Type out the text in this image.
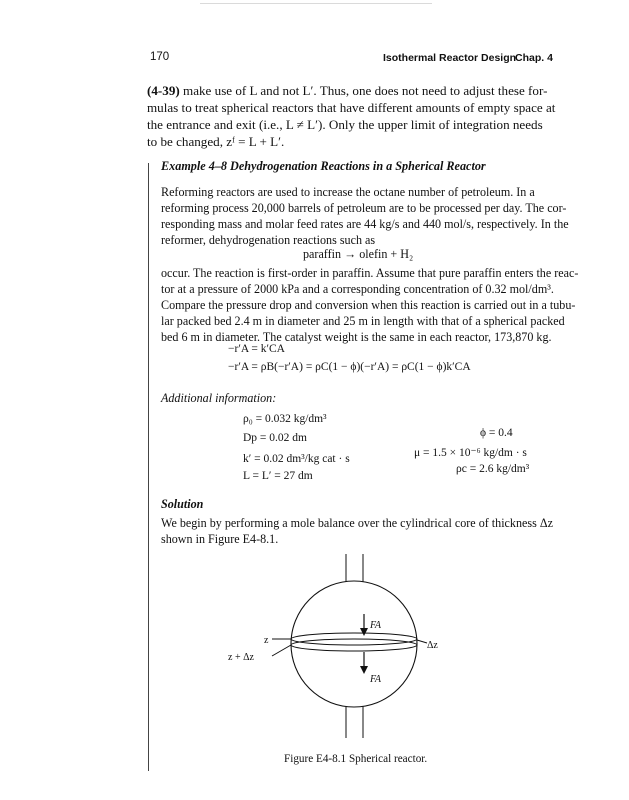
170	Isothermal Reactor Design
Chap. 4
(4-39) make use of L and not L′. Thus, one does not need to adjust these for-
mulas to treat spherical reactors that have different amounts of empty space at
the entrance and exit (i.e., L ≠ L′). Only the upper limit of integration needs
to be changed, zᶠ = L + L′.
Example 4–8 Dehydrogenation Reactions in a Spherical Reactor
Reforming reactors are used to increase the octane number of petroleum. In a
reforming process 20,000 barrels of petroleum are to be processed per day. The cor-
responding mass and molar feed rates are 44 kg/s and 440 mol/s, respectively. In the
reformer, dehydrogenation reactions such as
paraffin → olefin + H₂
occur. The reaction is first-order in paraffin. Assume that pure paraffin enters the reac-
tor at a pressure of 2000 kPa and a corresponding concentration of 0.32 mol/dm³.
Compare the pressure drop and conversion when this reaction is carried out in a tubu-
lar packed bed 2.4 m in diameter and 25 m in length with that of a spherical packed
bed 6 m in diameter. The catalyst weight is the same in each reactor, 173,870 kg.
−r′A = k′CA
−r′A = ρB(−r′A) = ρC(1 − ϕ)(−r′A) = ρC(1 − ϕ)k′CA
Additional information:
ρ₀ = 0.032 kg/dm³
Dp = 0.02 dm
k′ = 0.02 dm³/kg cat · s
L = L′ = 27 dm
ϕ = 0.4
μ = 1.5 × 10⁻⁶ kg/dm · s
ρc = 2.6 kg/dm³
Solution
We begin by performing a mole balance over the cylindrical core of thickness Δz
shown in Figure E4-8.1.
z
z + Δz
Δz
FA
FA
Figure E4-8.1 Spherical reactor.
